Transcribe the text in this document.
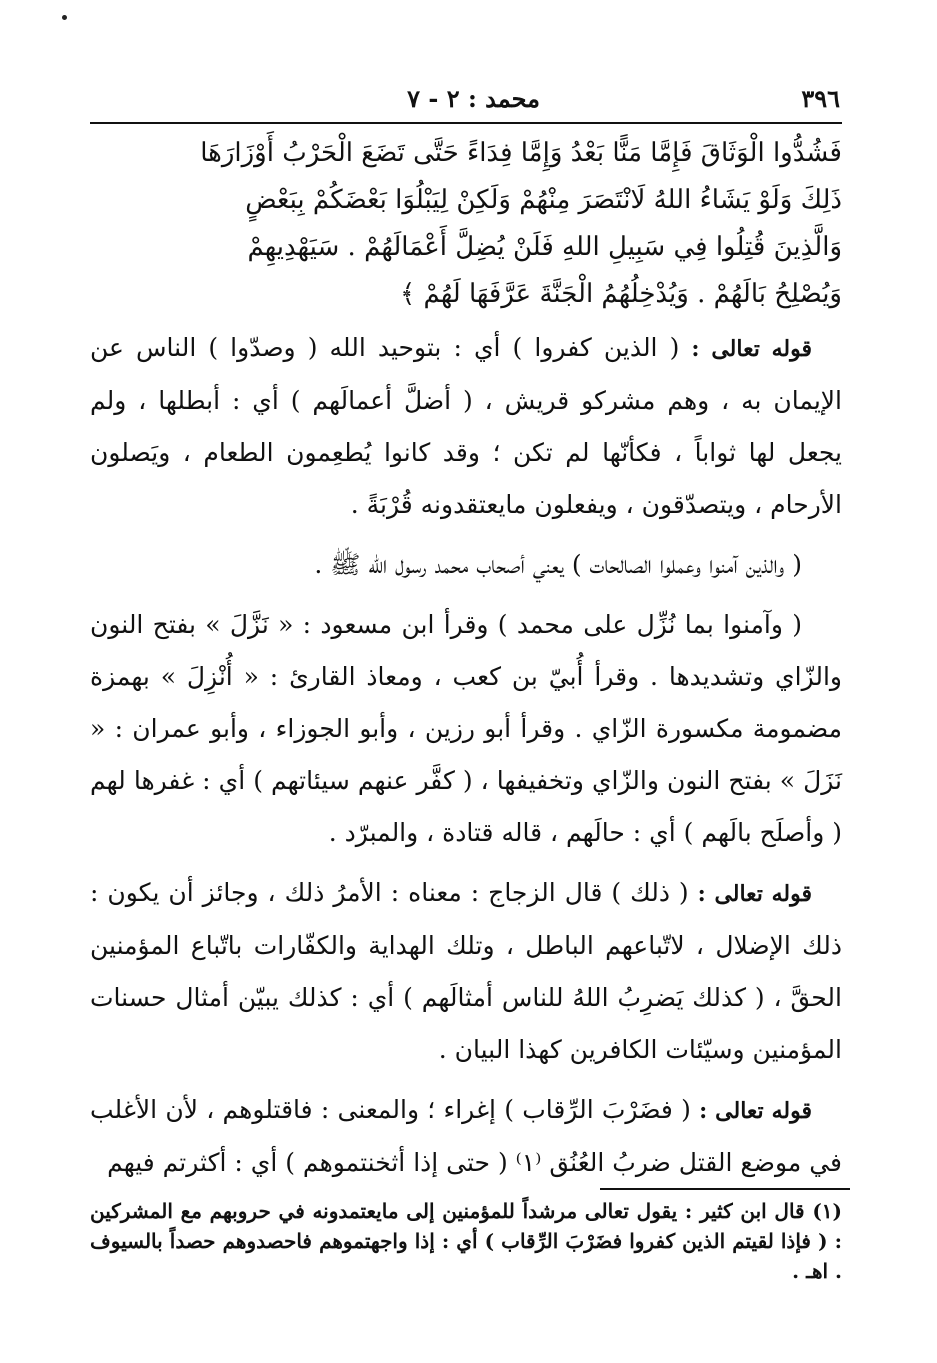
٣٩٦
محمد : ٢ - ٧
فَشُدُّوا الْوَثَاقَ فَإِمَّا مَنًّا بَعْدُ وَإِمَّا فِدَاءً حَتَّى تَضَعَ الْحَرْبُ أَوْزَارَهَا
ذَلِكَ وَلَوْ يَشَاءُ اللهُ لَانْتَصَرَ مِنْهُمْ وَلَكِنْ لِيَبْلُوَا بَعْضَكُمْ بِبَعْضٍ
وَالَّذِينَ قُتِلُوا فِي سَبِيلِ اللهِ فَلَنْ يُضِلَّ أَعْمَالَهُمْ . سَيَهْدِيهِمْ
وَيُصْلِحُ بَالَهُمْ . وَيُدْخِلُهُمُ الْجَنَّةَ عَرَّفَهَا لَهُمْ ﴾

قوله تعالى : ( الذين كفروا ) أي : بتوحيد الله ( وصدّوا ) الناس عن الإيمان به ، وهم مشركو قريش ، ( أضلَّ أعمالَهم ) أي : أبطلها ، ولم يجعل لها ثواباً ، فكأنّها لم تكن ؛ وقد كانوا يُطعِمون الطعام ، ويَصلون الأرحام ، ويتصدّقون ، ويفعلون مايعتقدونه قُرْبَةً .

( والذين آمنوا وعملوا الصالحات ) يعني أصحاب محمد رسول الله ﷺ .

( وآمنوا بما نُزِّل على محمد ) وقرأ ابن مسعود : « نَزَّلَ » بفتح النون والزّاي وتشديدها . وقرأ أُبيّ بن كعب ، ومعاذ القارئ : « أُنْزِلَ » بهمزة مضمومة مكسورة الزّاي . وقرأ أبو رزين ، وأبو الجوزاء ، وأبو عمران : « نَزَلَ » بفتح النون والزّاي وتخفيفها ، ( كفَّر عنهم سيئاتهم ) أي : غفرها لهم ( وأصلَح بالَهم ) أي : حالَهم ، قاله قتادة ، والمبرّد .

قوله تعالى : ( ذلك ) قال الزجاج : معناه : الأمرُ ذلك ، وجائز أن يكون : ذلك الإضلال ، لاتّباعهم الباطل ، وتلك الهداية والكفّارات باتّباع المؤمنين الحقَّ ، ( كذلك يَضرِبُ اللهُ للناس أمثالَهم ) أي : كذلك يبيّن أمثال حسنات المؤمنين وسيّئات الكافرين كهذا البيان .

قوله تعالى : ( فضَرْبَ الرِّقاب ) إغراء ؛ والمعنى : فاقتلوهم ، لأن الأغلب في موضع القتل ضربُ العُنُق ⁽١⁾ ( حتى إذا أثخنتموهم ) أي : أكثرتم فيهم

(١) قال ابن كثير : يقول تعالى مرشداً للمؤمنين إلى مايعتمدونه في حروبهم مع المشركين : ( فإذا لقيتم الذين كفروا فضَرْبَ الرِّقاب ) أي : إذا واجهتموهم فاحصدوهم حصداً بالسيوف . اهـ .
